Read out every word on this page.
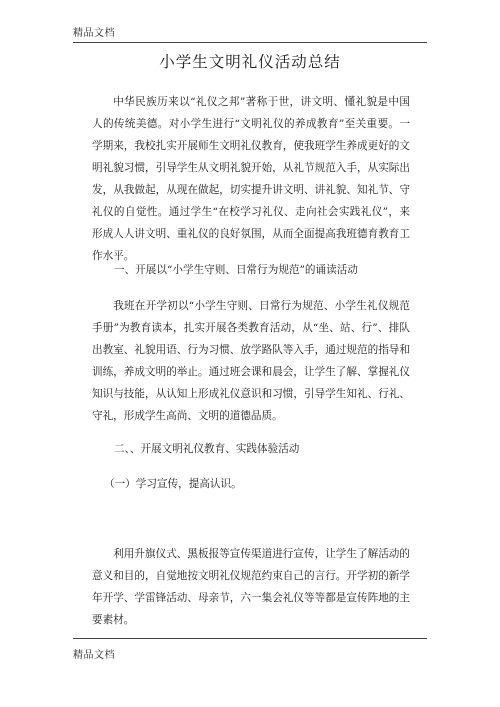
精品文档
小学生文明礼仪活动总结

中华民族历来以“礼仪之邦”著称于世，讲文明、懂礼貌是中国人的传统美德。对小学生进行“文明礼仪的养成教育”至关重要。一学期来，我校扎实开展师生文明礼仪教育，使我班学生养成更好的文明礼貌习惯，引导学生从文明礼貌开始，从礼节规范入手，从实际出发，从我做起，从现在做起，切实提升讲文明、讲礼貌、知礼节、守礼仪的自觉性。通过学生“在校学习礼仪、走向社会实践礼仪”，来形成人人讲文明、重礼仪的良好氛围，从而全面提高我班德育教育工作水平。

一、开展以“小学生守则、日常行为规范”的诵读活动

我班在开学初以“小学生守则、日常行为规范、小学生礼仪规范手册”为教育读本，扎实开展各类教育活动，从“坐、站、行”、排队出教室、礼貌用语、行为习惯、放学路队等入手，通过规范的指导和训练，养成文明的举止。通过班会课和晨会，让学生了解、掌握礼仪知识与技能，从认知上形成礼仪意识和习惯，引导学生知礼、行礼、守礼，形成学生高尚、文明的道德品质。

二、、开展文明礼仪教育、实践体验活动

（一）学习宣传，提高认识。

利用升旗仪式、黑板报等宣传渠道进行宣传，让学生了解活动的意义和目的，自觉地按文明礼仪规范约束自己的言行。开学初的新学年开学、学雷锋活动、母亲节，六一集会礼仪等等都是宣传阵地的主要素材。

精品文档
